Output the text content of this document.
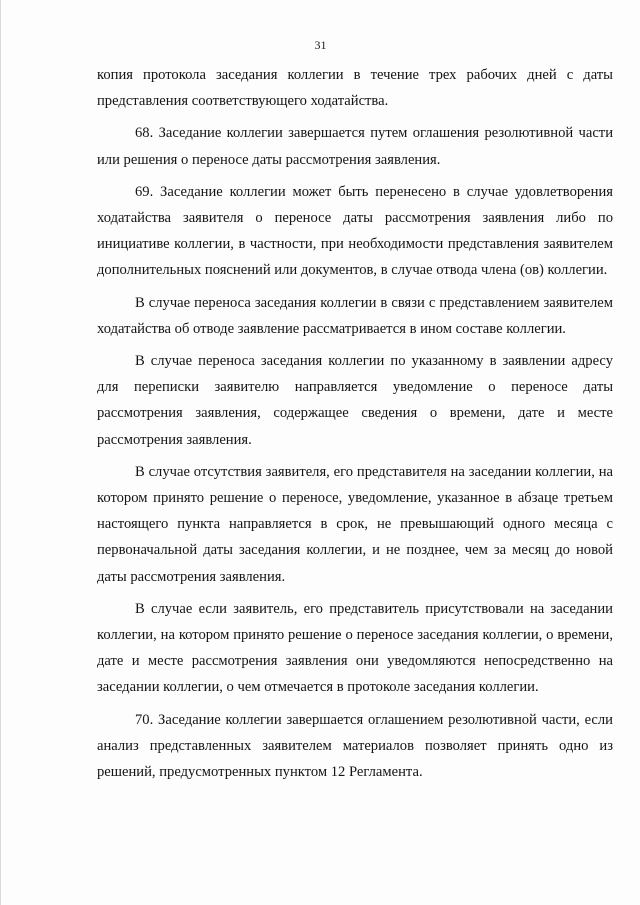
31

копия протокола заседания коллегии в течение трех рабочих дней с даты представления соответствующего ходатайства.

68. Заседание коллегии завершается путем оглашения резолютивной части или решения о переносе даты рассмотрения заявления.

69. Заседание коллегии может быть перенесено в случае удовлетворения ходатайства заявителя о переносе даты рассмотрения заявления либо по инициативе коллегии, в частности, при необходимости представления заявителем дополнительных пояснений или документов, в случае отвода члена (ов) коллегии.

В случае переноса заседания коллегии в связи с представлением заявителем ходатайства об отводе заявление рассматривается в ином составе коллегии.

В случае переноса заседания коллегии по указанному в заявлении адресу для переписки заявителю направляется уведомление о переносе даты рассмотрения заявления, содержащее сведения о времени, дате и месте рассмотрения заявления.

В случае отсутствия заявителя, его представителя на заседании коллегии, на котором принято решение о переносе, уведомление, указанное в абзаце третьем настоящего пункта направляется в срок, не превышающий одного месяца с первоначальной даты заседания коллегии, и не позднее, чем за месяц до новой даты рассмотрения заявления.

В случае если заявитель, его представитель присутствовали на заседании коллегии, на котором принято решение о переносе заседания коллегии, о времени, дате и месте рассмотрения заявления они уведомляются непосредственно на заседании коллегии, о чем отмечается в протоколе заседания коллегии.

70. Заседание коллегии завершается оглашением резолютивной части, если анализ представленных заявителем материалов позволяет принять одно из решений, предусмотренных пунктом 12 Регламента.
